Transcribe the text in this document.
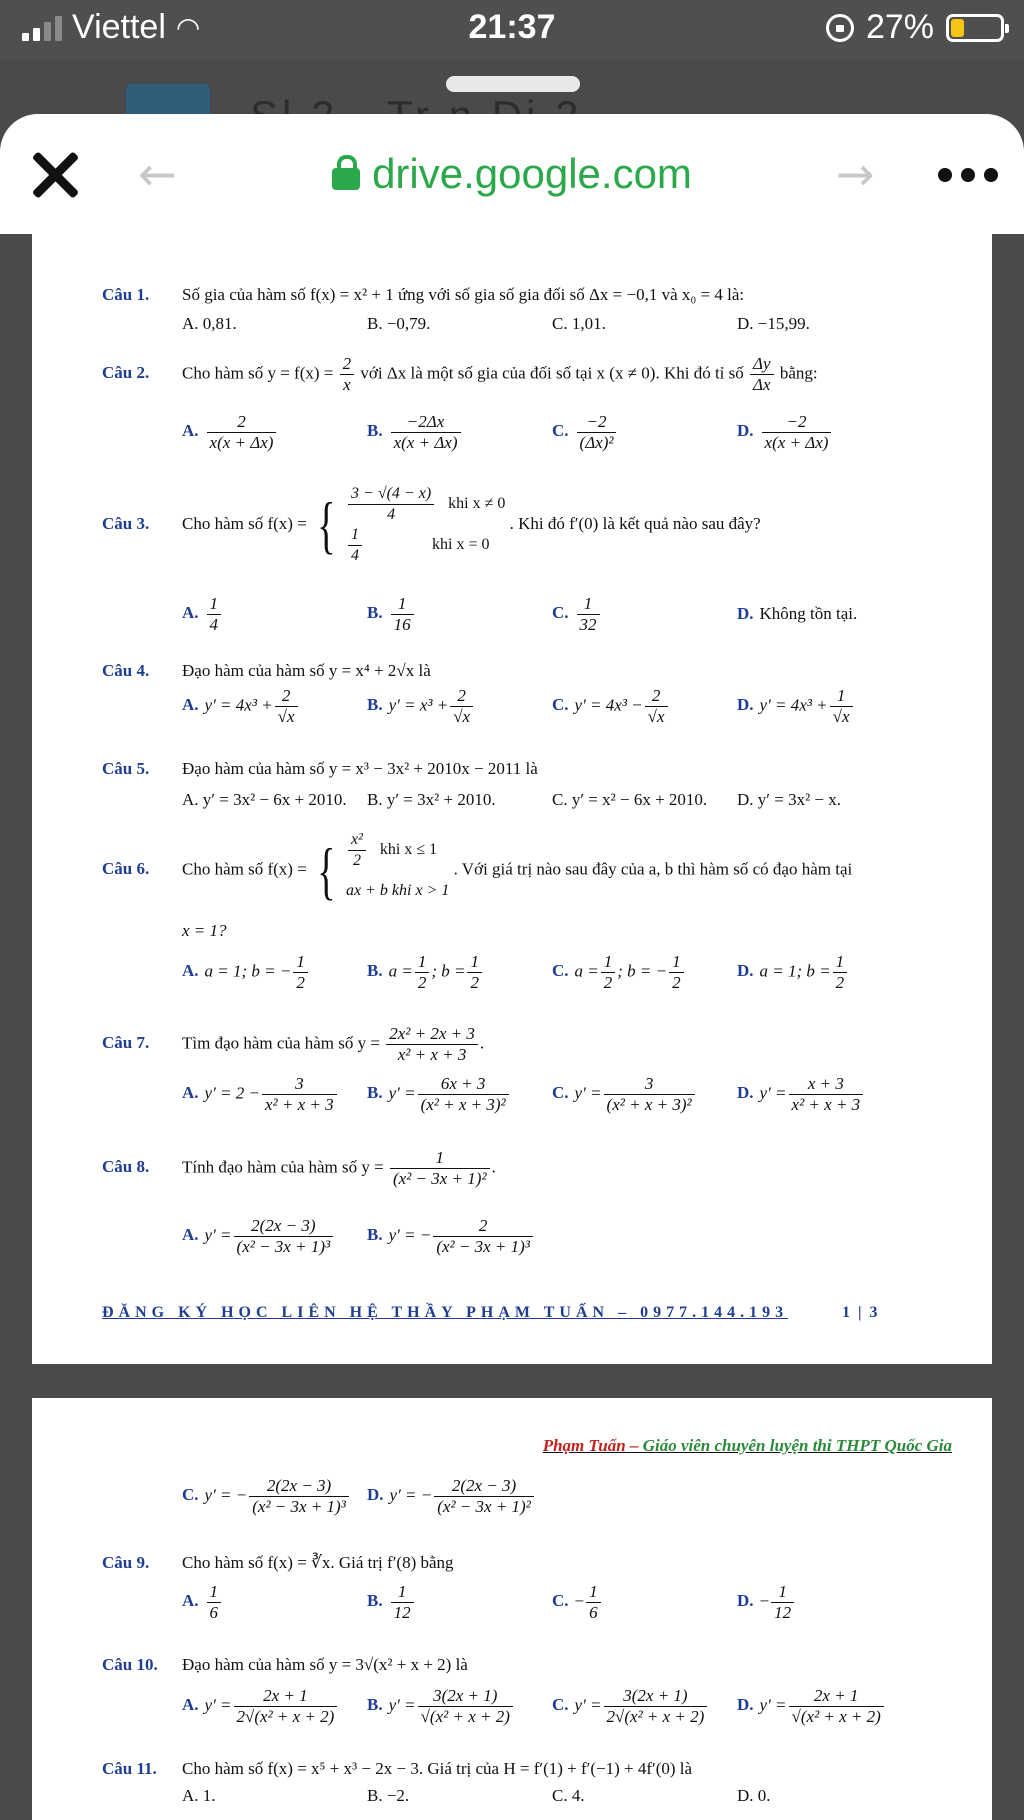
Viettel ◠	21:37	27%
←	drive.google.com	→
Câu 1. Số gia của hàm số f(x) = x² + 1 ứng với số gia số gia đối số Δx = −0,1 và x₀ = 4 là:
A. 0,81.	B. −0,79.	C. 1,01.	D. −15,99.
Câu 2. Cho hàm số $y = f(x) = \frac{2}{x}$ với Δx là một số gia của đối số tại x (x ≠ 0). Khi đó tỉ số $\frac{\Delta y}{\Delta x}$ bằng:
A. $\frac{2}{x(x + \Delta x)}$	B. $\frac{-2\Delta x}{x(x + \Delta x)}$	C. $\frac{-2}{\text{(Δx)²}}$	D. $\frac{-2}{x(x + \Delta x)}$
Câu 3. Cho hàm số f(x) = { $\frac{3 - √(4 - x)}{4}$ khi x ≠ 0
$\frac{1}{4}$	khi x = 0
. Khi đó f′(0) là kết quả nào sau đây?
A. $\frac{1}{4}$	B. $\frac{1}{16}$	C. $\frac{1}{32}$	D. Không tồn tại.
Câu 4. Đạo hàm của hàm số y = x⁴ + 2√x là
A. $y' = 4x^3 + \frac{2}{√x}$	B. $y' = x^3 + \frac{2}{√x}$	C. $y' = 4x^3 - \frac{2}{√x}$	D. $y' = 4x^3 + \frac{1}{√x}$
Câu 5. Đạo hàm của hàm số y = x³ − 3x² + 2010x − 2011 là
A. y′ = 3x² − 6x + 2010. B. y′ = 3x² + 2010.	C. y′ = x² − 6x + 2010. D. y′ = 3x² − x.
Câu 6. Cho hàm số f(x) = { $\frac{\text{x²}}{2}$ khi x ≤ 1
ax + b khi x > 1
. Với giá trị nào sau đây của a, b thì hàm số có đạo hàm tại
x = 1?
A. a = 1; b = − $\frac{1}{2}$	B. $a = \frac{1}{2}$ ; $b = \frac{1}{2}$	C. $a = \frac{1}{2}$ ; b = − $\frac{1}{2}$	D. a = 1; $b = \frac{1}{2}$
Câu 7. Tìm đạo hàm của hàm số $y = \frac{\text{2x² + 2x + 3}}{\text{x² + x + 3}}$ .
A. $y' = 2 - \frac{3}{\text{x² + x + 3}} B$. $y' = \frac{6x + 3}{\text{(x² + x + 3)²}}$	C. $y' = \frac{3}{\text{(x² + x + 3)²}} D$. $y' = \frac{x + 3}{\text{x² + x + 3}}$
Câu 8. Tính đạo hàm của hàm số $y = \frac{1}{\text{(x² − 3x + 1)²}}$ .
A. $y' = \frac{2(2x - 3)}{\text{(x² − 3x + 1)³}} B$. y′ = − $\frac{2}{\text{(x² − 3x + 1)³}}$
ĐĂNG KÝ HỌC LIÊN HỆ THẦY PHẠM TUẤN – 0977.144.193	1 | 3
Phạm Tuấn – Giáo viên chuyên luyện thi THPT Quốc Gia
C. y′ = − $\frac{2(2x - 3)}{\text{(x² − 3x + 1)³}} D$. y′ = − $\frac{2(2x - 3)}{\text{(x² − 3x + 1)²}}$
Câu 9. Cho hàm số f(x) = ∛x. Giá trị f′(8) bằng
A. $\frac{1}{6}$	B. $\frac{1}{12}$	C. − $\frac{1}{6}$	D. − $\frac{1}{12}$
Câu 10. Đạo hàm của hàm số y = 3√(x² + x + 2) là
A. $y' = \frac{2x + 1}{\text{2√(x² + x + 2)}} B$. $y' = \frac{3(2x + 1)}{\text{√(x² + x + 2)}} C$. $y' = \frac{3(2x + 1)}{\text{2√(x² + x + 2)}} D$. $y' = \frac{2x + 1}{\text{√(x² + x + 2)}}$
Câu 11. Cho hàm số f(x) = x⁵ + x³ − 2x − 3. Giá trị của H = f′(1) + f′(−1) + 4f′(0) là
A. 1.	B. −2.	C. 4.	D. 0.
